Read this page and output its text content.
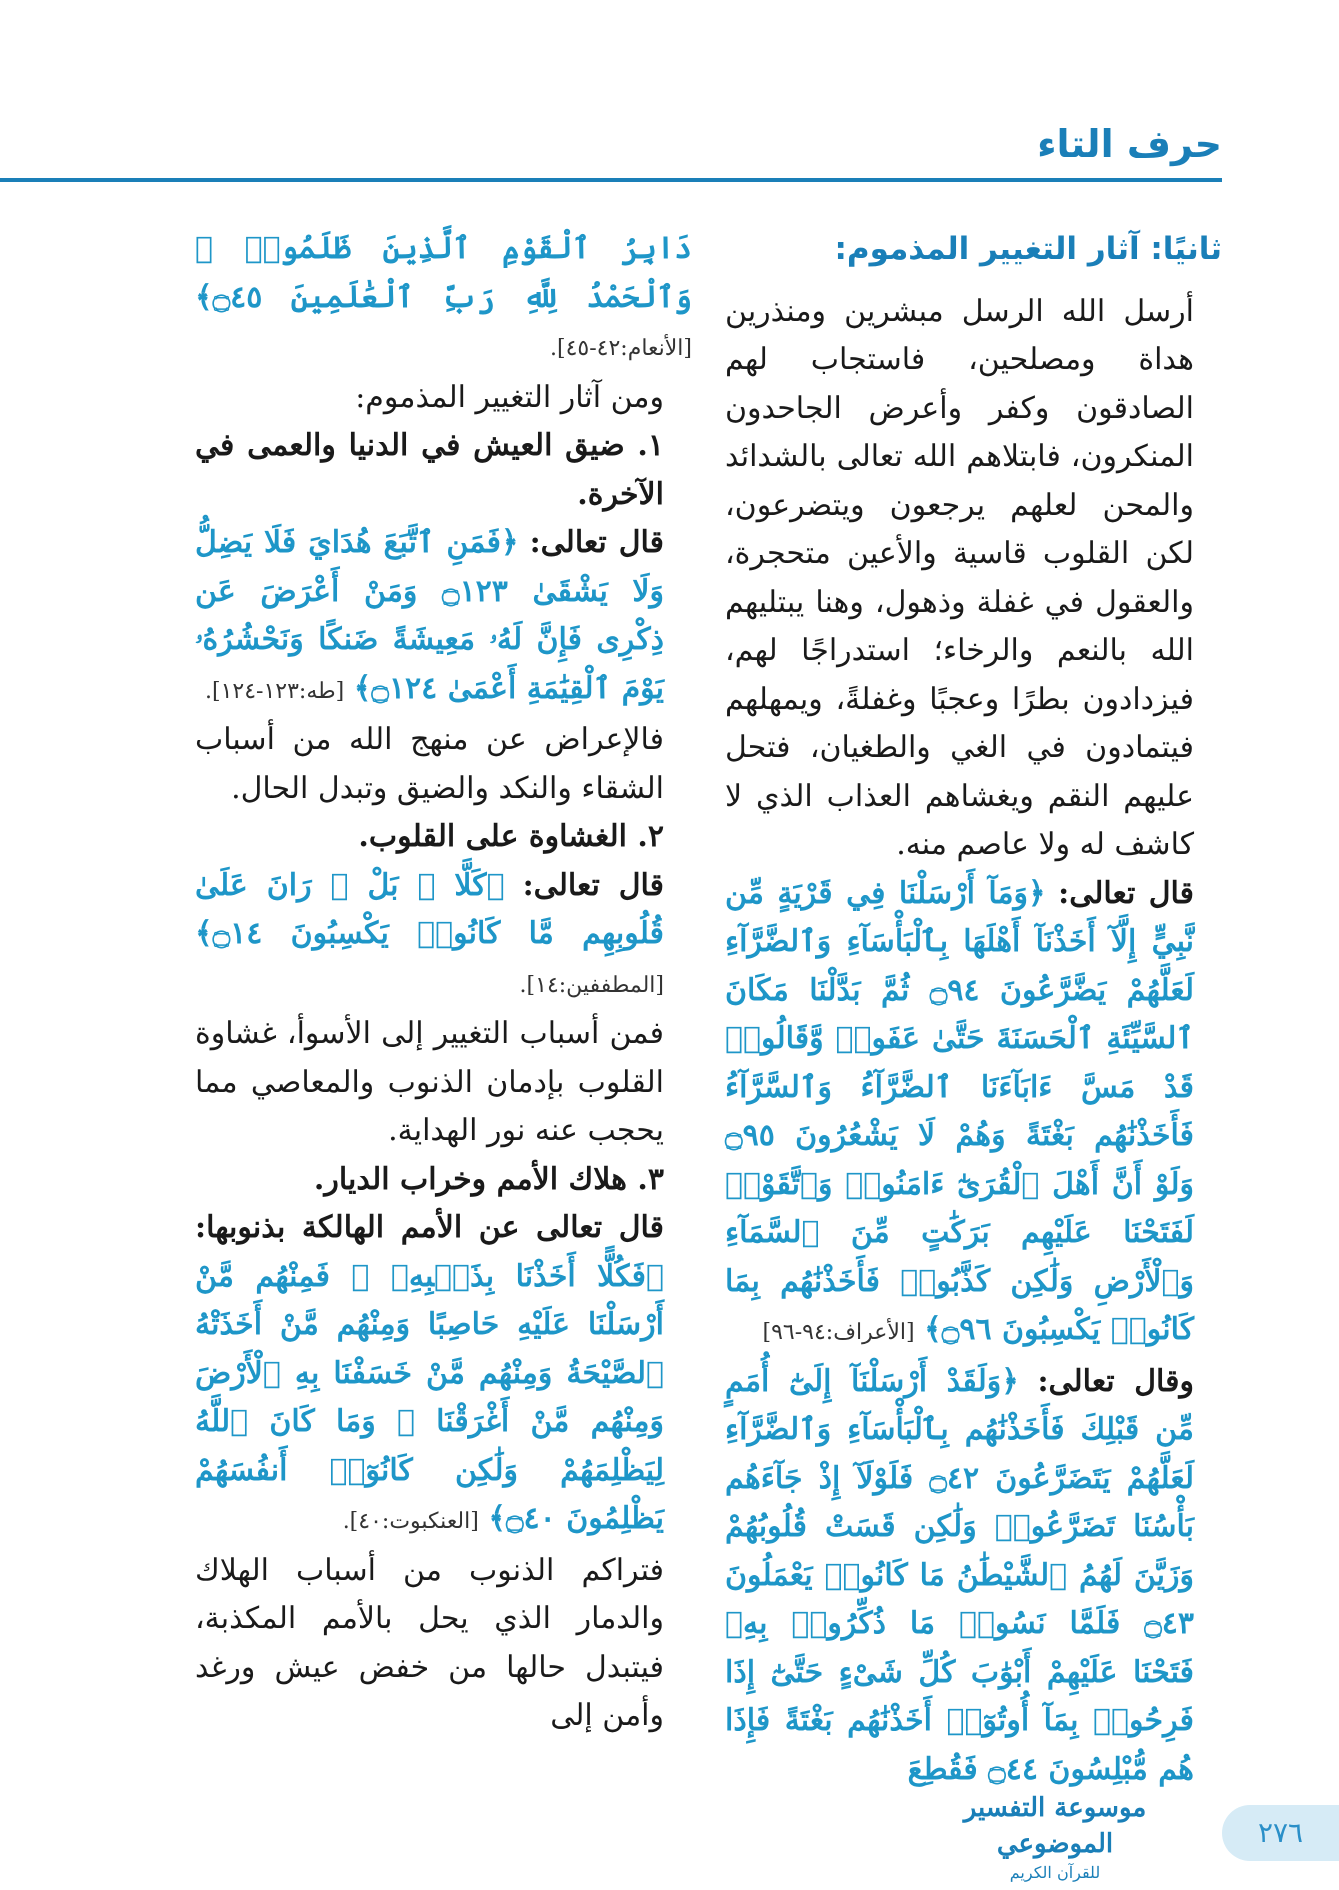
حرف التاء

ثانيًا: آثار التغيير المذموم:

أرسل الله الرسل مبشرين ومنذرين هداة ومصلحين، فاستجاب لهم الصادقون وكفر وأعرض الجاحدون المنكرون، فابتلاهم الله تعالى بالشدائد والمحن لعلهم يرجعون ويتضرعون، لكن القلوب قاسية والأعين متحجرة، والعقول في غفلة وذهول، وهنا يبتليهم الله بالنعم والرخاء؛ استدراجًا لهم، فيزدادون بطرًا وعجبًا وغفلةً، ويمهلهم فيتمادون في الغي والطغيان، فتحل عليهم النقم ويغشاهم العذاب الذي لا كاشف له ولا عاصم منه.

قال تعالى: ﴿وَمَآ أَرْسَلْنَا فِي قَرْيَةٍ مِّن نَّبِيٍّ إِلَّآ أَخَذْنَآ أَهْلَهَا بِٱلْبَأْسَآءِ وَٱلضَّرَّآءِ لَعَلَّهُمْ يَضَّرَّعُونَ ۝٩٤ ثُمَّ بَدَّلْنَا مَكَانَ ٱلسَّيِّئَةِ ٱلْحَسَنَةَ حَتَّىٰ عَفَوا۟ وَّقَالُوا۟ قَدْ مَسَّ ءَابَآءَنَا ٱلضَّرَّآءُ وَٱلسَّرَّآءُ فَأَخَذْنَٰهُم بَغْتَةً وَهُمْ لَا يَشْعُرُونَ ۝٩٥ وَلَوْ أَنَّ أَهْلَ ٱلْقُرَىٰٓ ءَامَنُوا۟ وَٱتَّقَوْا۟ لَفَتَحْنَا عَلَيْهِم بَرَكَٰتٍ مِّنَ ٱلسَّمَآءِ وَٱلْأَرْضِ وَلَٰكِن كَذَّبُوا۟ فَأَخَذْنَٰهُم بِمَا كَانُوا۟ يَكْسِبُونَ ۝٩٦﴾ [الأعراف:٩٤-٩٦]

وقال تعالى: ﴿وَلَقَدْ أَرْسَلْنَآ إِلَىٰٓ أُمَمٍ مِّن قَبْلِكَ فَأَخَذْنَٰهُم بِٱلْبَأْسَآءِ وَٱلضَّرَّآءِ لَعَلَّهُمْ يَتَضَرَّعُونَ ۝٤٢ فَلَوْلَآ إِذْ جَآءَهُم بَأْسُنَا تَضَرَّعُوا۟ وَلَٰكِن قَسَتْ قُلُوبُهُمْ وَزَيَّنَ لَهُمُ ٱلشَّيْطَٰنُ مَا كَانُوا۟ يَعْمَلُونَ ۝٤٣ فَلَمَّا نَسُوا۟ مَا ذُكِّرُوا۟ بِهِۦ فَتَحْنَا عَلَيْهِمْ أَبْوَٰبَ كُلِّ شَىْءٍ حَتَّىٰٓ إِذَا فَرِحُوا۟ بِمَآ أُوتُوٓا۟ أَخَذْنَٰهُم بَغْتَةً فَإِذَا هُم مُّبْلِسُونَ ۝٤٤ فَقُطِعَ

دَابِرُ ٱلْقَوْمِ ٱلَّذِينَ ظَلَمُوا۟ ۚ وَٱلْحَمْدُ لِلَّهِ رَبِّ ٱلْعَٰلَمِينَ ۝٤٥﴾ [الأنعام:٤٢-٤٥].

ومن آثار التغيير المذموم:

١. ضيق العيش في الدنيا والعمى في الآخرة.

قال تعالى: ﴿فَمَنِ ٱتَّبَعَ هُدَايَ فَلَا يَضِلُّ وَلَا يَشْقَىٰ ۝١٢٣ وَمَنْ أَعْرَضَ عَن ذِكْرِى فَإِنَّ لَهُۥ مَعِيشَةً ضَنكًا وَنَحْشُرُهُۥ يَوْمَ ٱلْقِيَٰمَةِ أَعْمَىٰ ۝١٢٤﴾ [طه:١٢٣-١٢٤].

فالإعراض عن منهج الله من أسباب الشقاء والنكد والضيق وتبدل الحال.

٢. الغشاوة على القلوب.

قال تعالى: ﴿كَلَّا ۖ بَلْ ۜ رَانَ عَلَىٰ قُلُوبِهِم مَّا كَانُوا۟ يَكْسِبُونَ ۝١٤﴾ [المطففين:١٤].

فمن أسباب التغيير إلى الأسوأ، غشاوة القلوب بإدمان الذنوب والمعاصي مما يحجب عنه نور الهداية.

٣. هلاك الأمم وخراب الديار.

قال تعالى عن الأمم الهالكة بذنوبها: ﴿فَكُلًّا أَخَذْنَا بِذَنۢبِهِۦ ۖ فَمِنْهُم مَّنْ أَرْسَلْنَا عَلَيْهِ حَاصِبًا وَمِنْهُم مَّنْ أَخَذَتْهُ ٱلصَّيْحَةُ وَمِنْهُم مَّنْ خَسَفْنَا بِهِ ٱلْأَرْضَ وَمِنْهُم مَّنْ أَغْرَقْنَا ۚ وَمَا كَانَ ٱللَّهُ لِيَظْلِمَهُمْ وَلَٰكِن كَانُوٓا۟ أَنفُسَهُمْ يَظْلِمُونَ ۝٤٠﴾ [العنكبوت:٤٠].

فتراكم الذنوب من أسباب الهلاك والدمار الذي يحل بالأمم المكذبة، فيتبدل حالها من خفض عيش ورغد وأمن إلى

موسوعة التفسير الموضوعي
للقرآن الكريم
٢٧٦
